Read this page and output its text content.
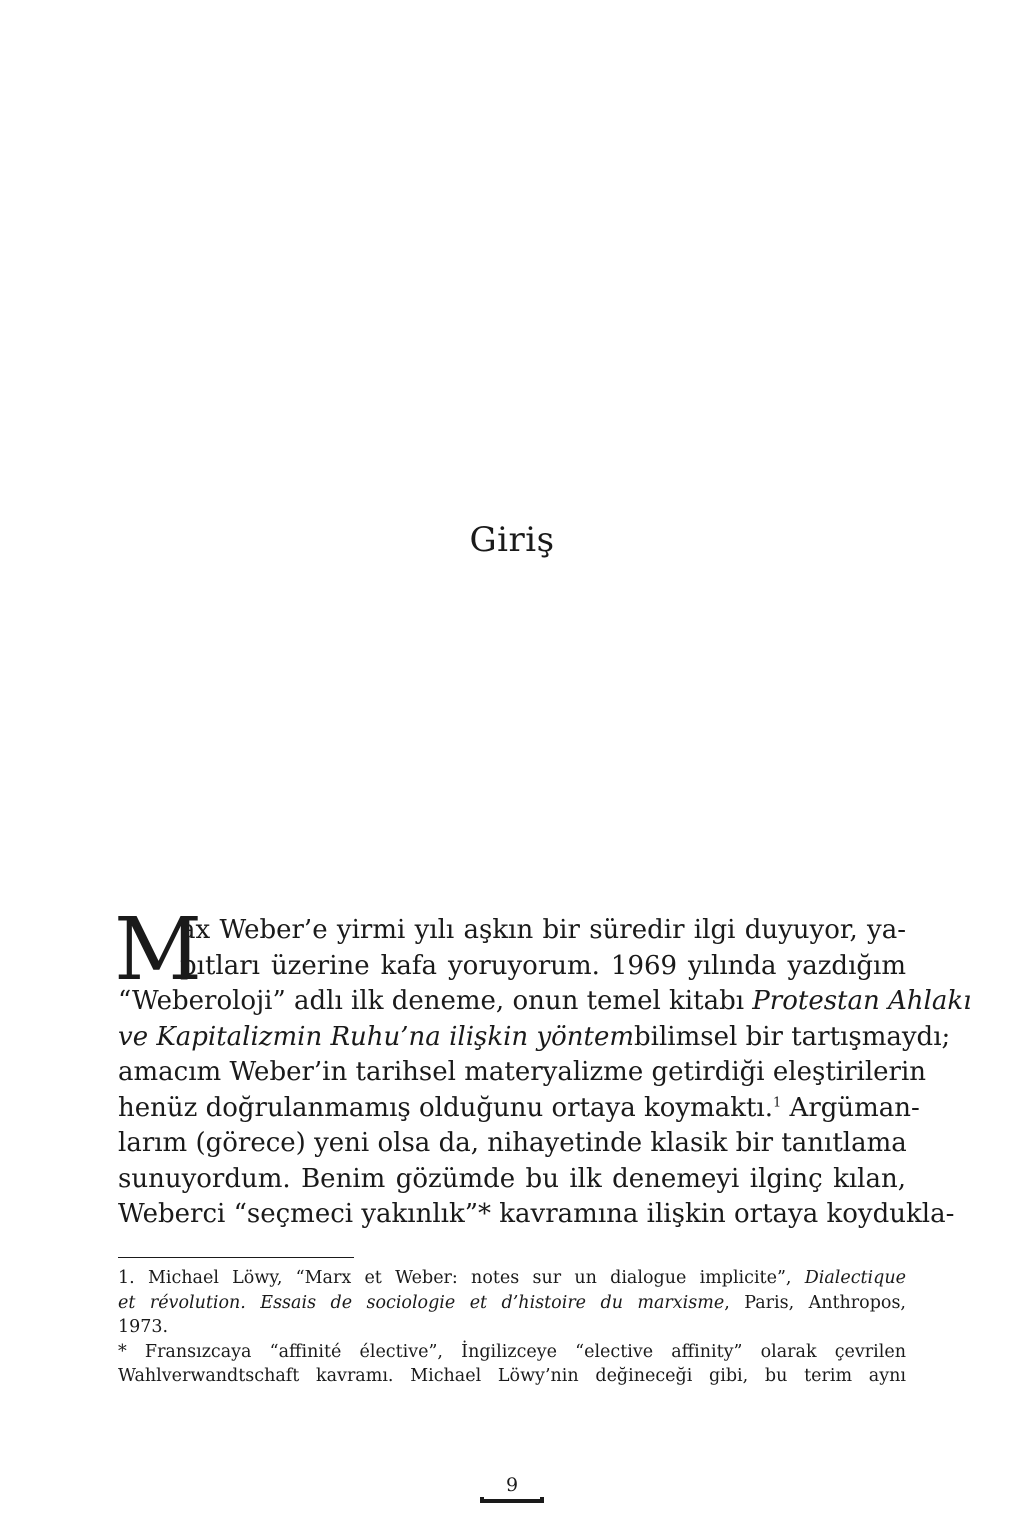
Giriş
M
ax Weber’e yirmi yılı aşkın bir süredir ilgi duyuyor, ya-
pıtları üzerine kafa yoruyorum. 1969 yılında yazdığım
“Weberoloji” adlı ilk deneme, onun temel kitabı Protestan Ahlakı
ve Kapitalizmin Ruhu’na ilişkin yöntembilimsel bir tartışmaydı;
amacım Weber’in tarihsel materyalizme getirdiği eleştirilerin
henüz doğrulanmamış olduğunu ortaya koymaktı.$^1$ Argüman-
larım (görece) yeni olsa da, nihayetinde klasik bir tanıtlama
sunuyordum. Benim gözümde bu ilk denemeyi ilginç kılan,
Weberci “seçmeci yakınlık”* kavramına ilişkin ortaya koydukla-
1. Michael Löwy, “Marx et Weber: notes sur un dialogue implicite”, Dialectique
et révolution. Essais de sociologie et d’histoire du marxisme, Paris, Anthropos,
1973.
* Fransızcaya “affinité élective”, İngilizceye “elective affinity” olarak çevrilen
Wahlverwandtschaft kavramı. Michael Löwy’nin değineceği gibi, bu terim aynı
9
